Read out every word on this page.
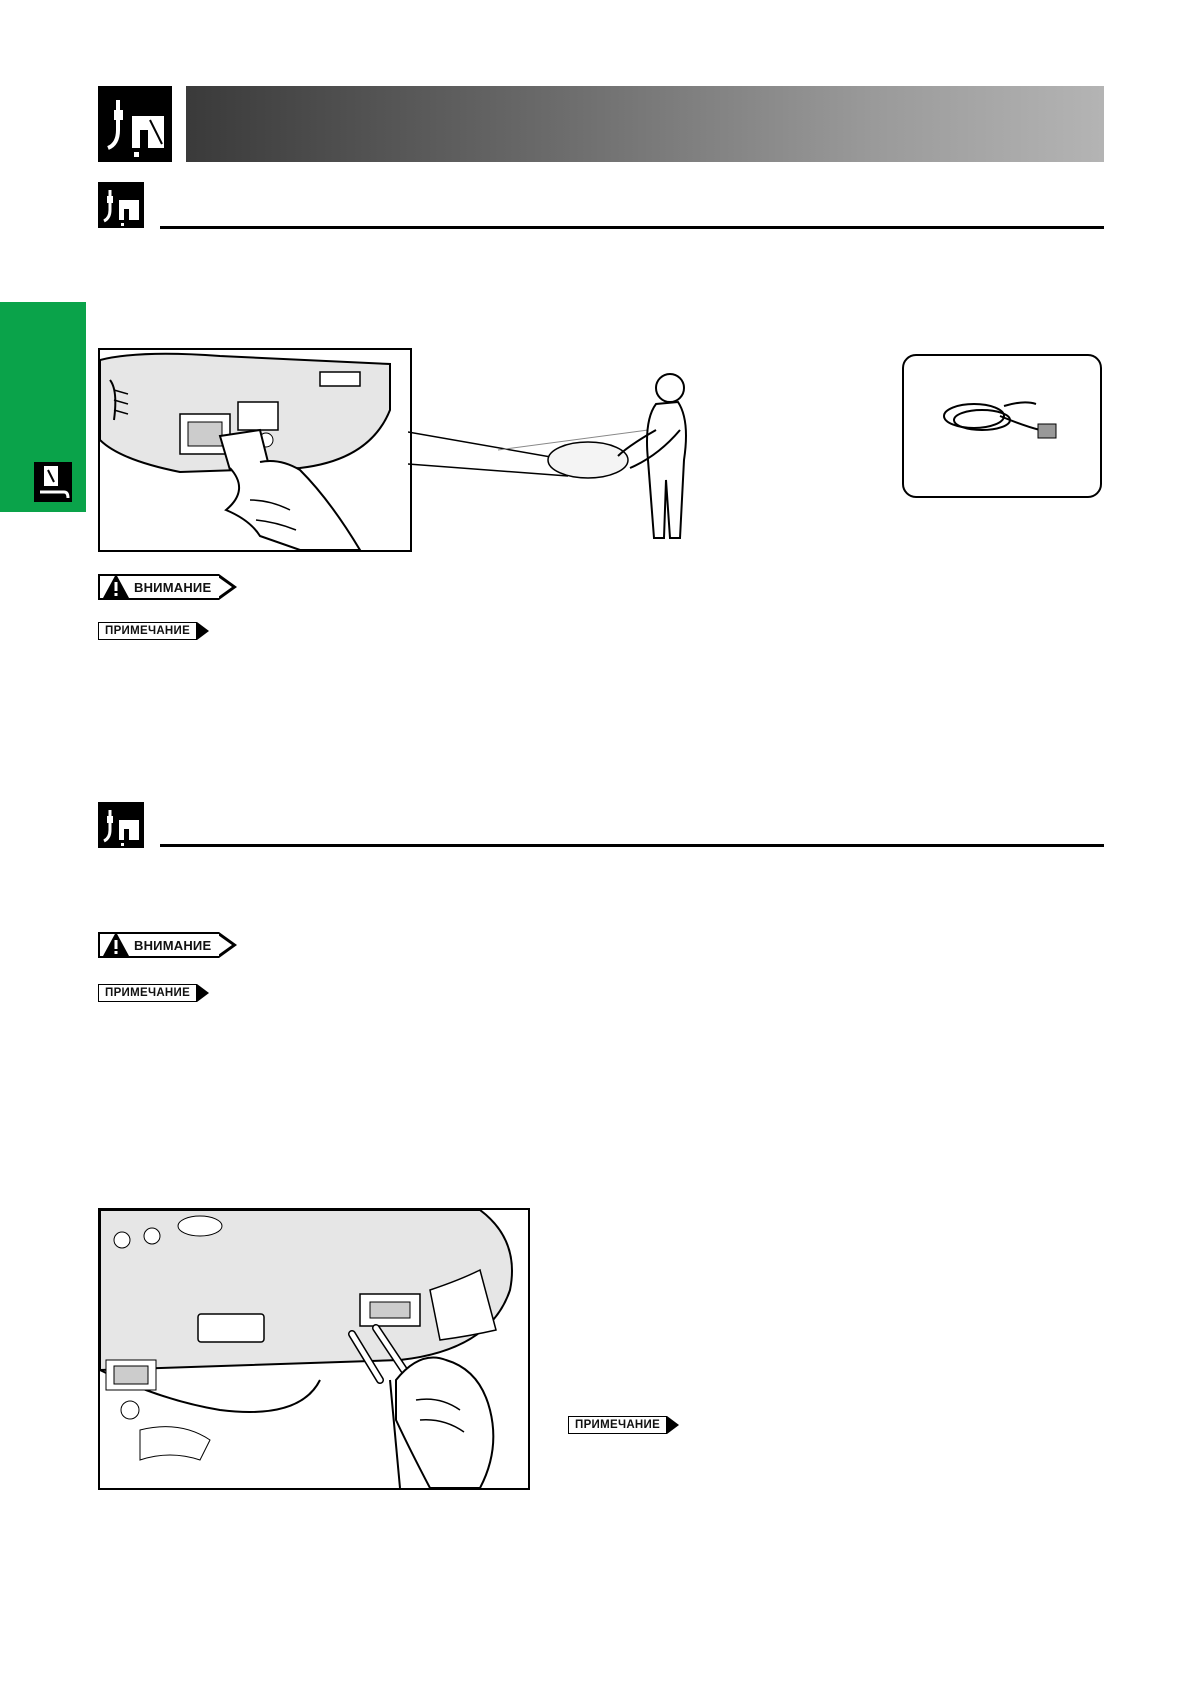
ВНИМАНИЕ
ПРИМЕЧАНИЕ
ВНИМАНИЕ
ПРИМЕЧАНИЕ
ПРИМЕЧАНИЕ
